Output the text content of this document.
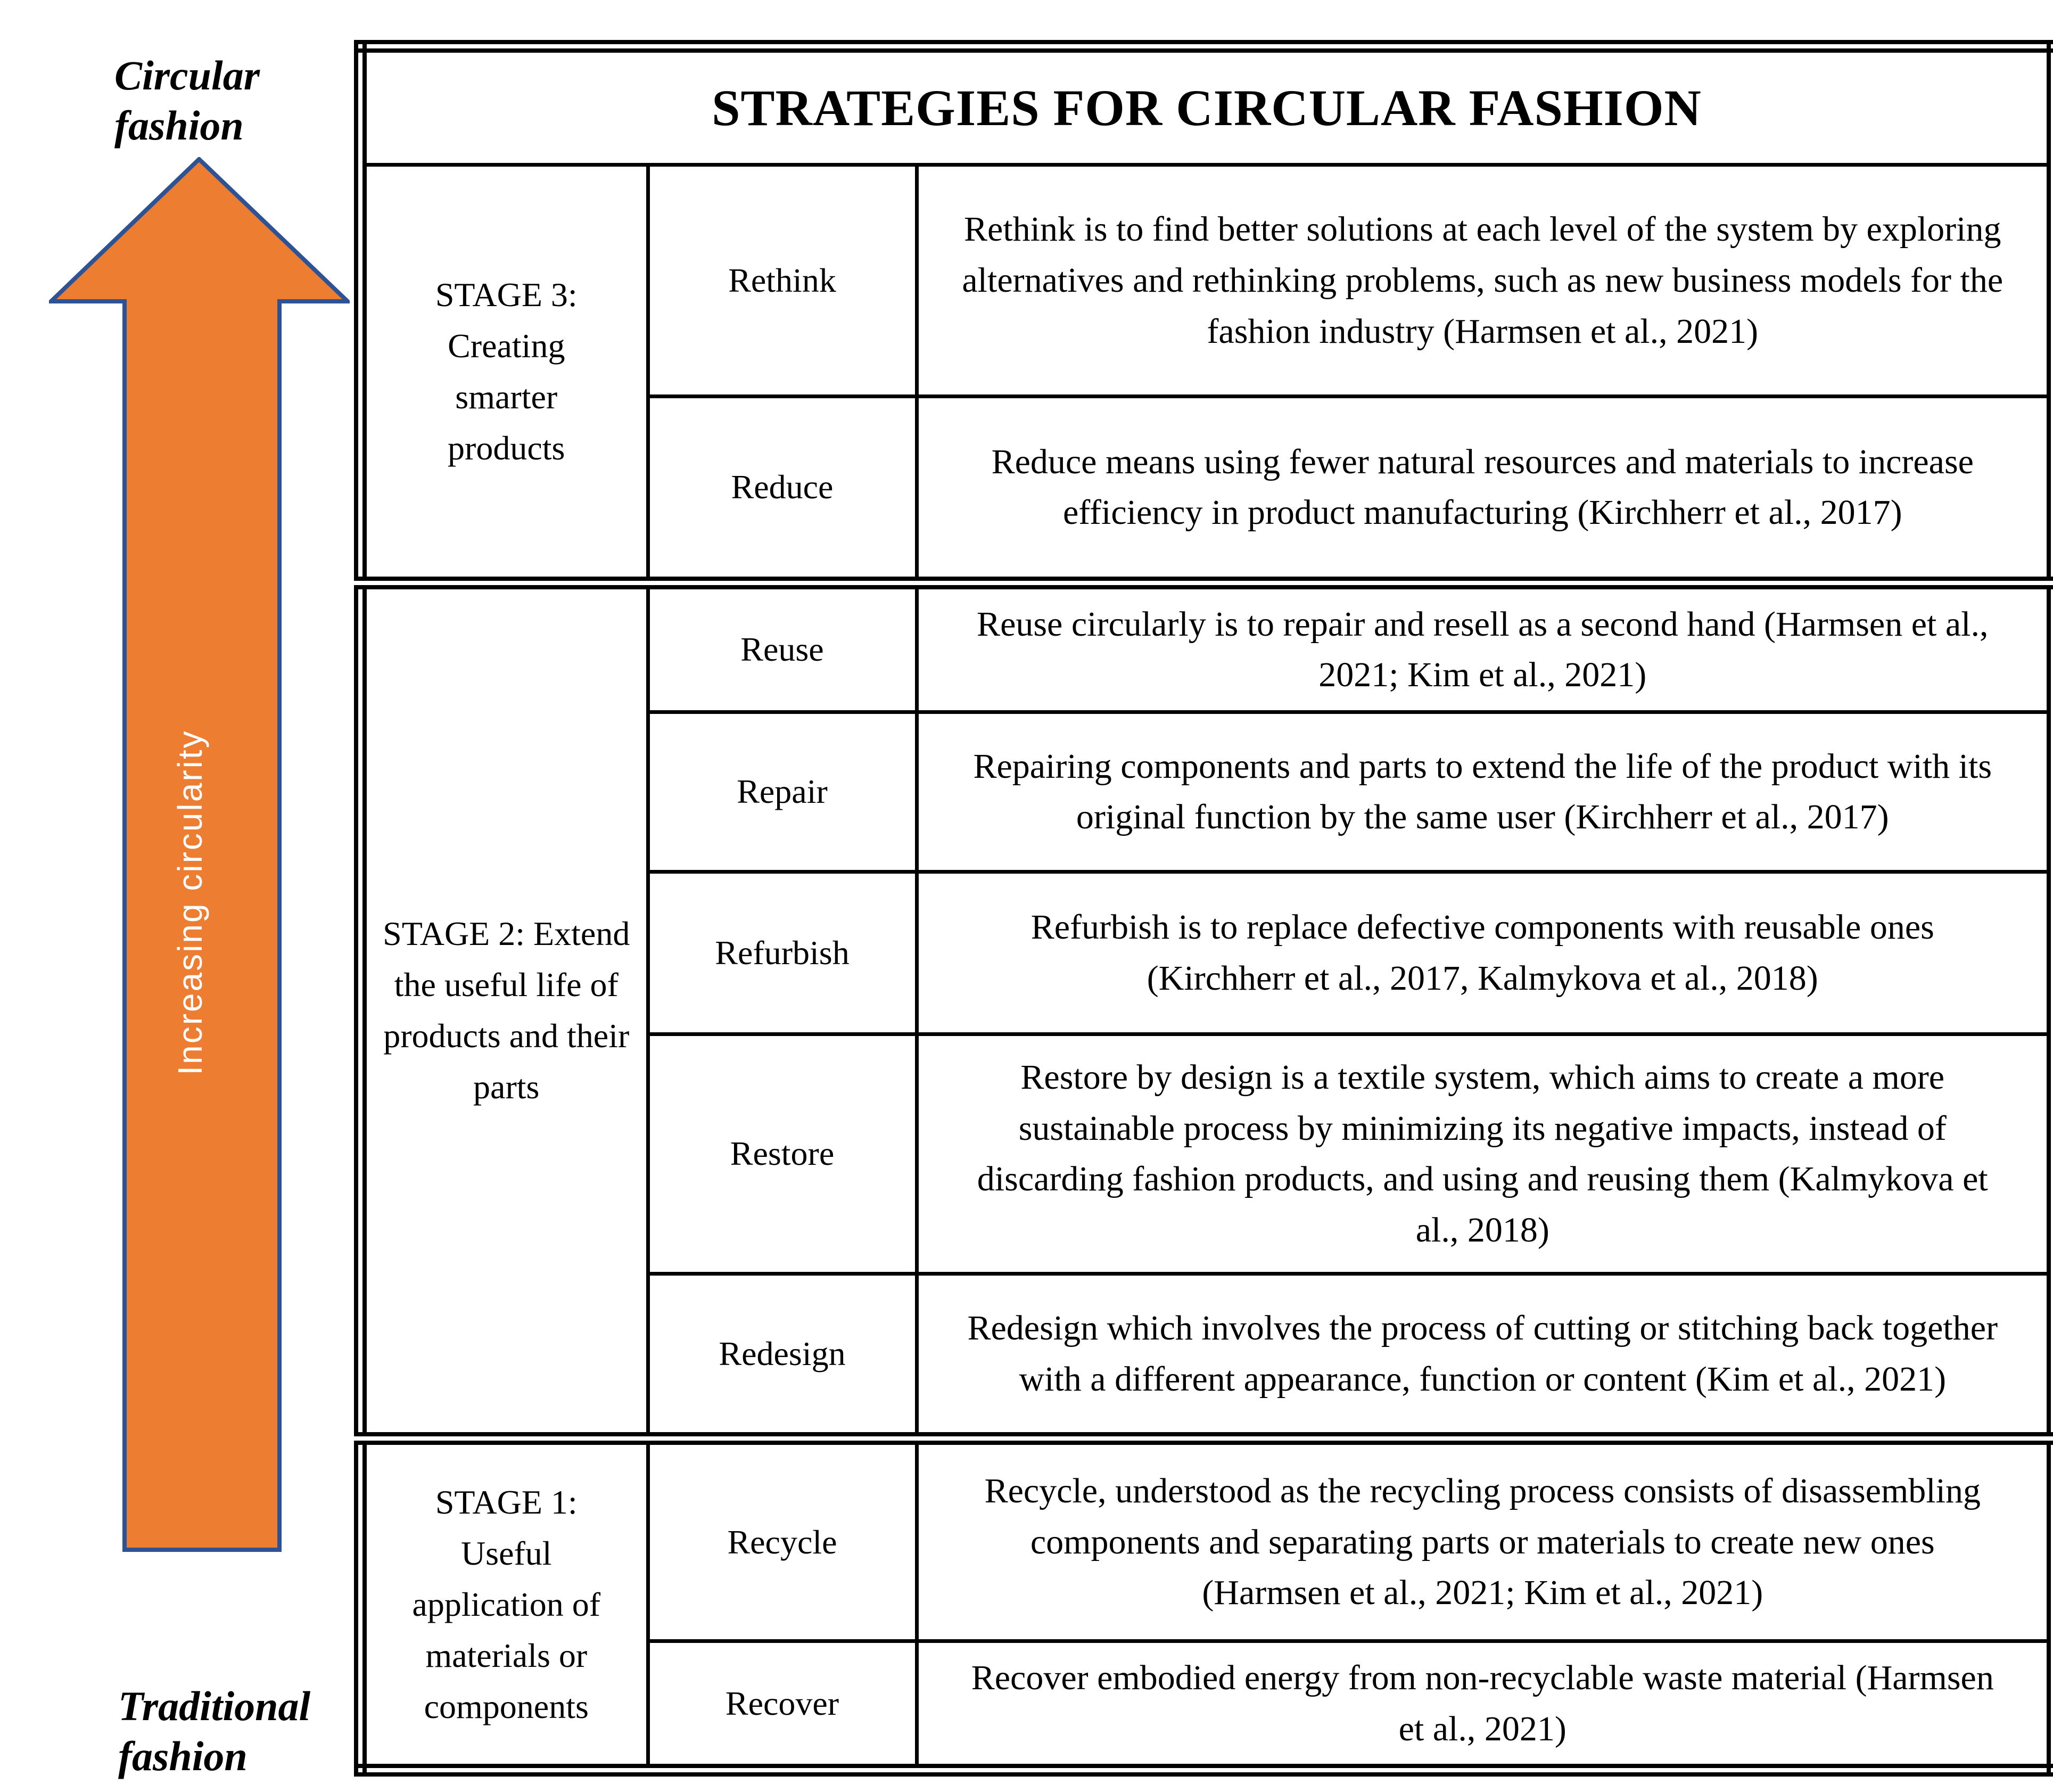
Circular fashion
Increasing circularity
Traditional fashion
STRATEGIES FOR CIRCULAR FASHION		
STAGE 3: Creating smarter products	Rethink	Rethink is to find better solutions at each level of the system by exploring alternatives and rethinking problems, such as new business models for the fashion industry (Harmsen et al., 2021)
	Reduce	Reduce means using fewer natural resources and materials to increase efficiency in product manufacturing (Kirchherr et al., 2017)
STAGE 2: Extend the useful life of products and their parts	Reuse	Reuse circularly is to repair and resell as a second hand (Harmsen et al., 2021; Kim et al., 2021)
	Repair	Repairing components and parts to extend the life of the product with its original function by the same user (Kirchherr et al., 2017)
	Refurbish	Refurbish is to replace defective components with reusable ones (Kirchherr et al., 2017, Kalmykova et al., 2018)
	Restore	Restore by design is a textile system, which aims to create a more sustainable process by minimizing its negative impacts, instead of discarding fashion products, and using and reusing them (Kalmykova et al., 2018)
	Redesign	Redesign which involves the process of cutting or stitching back together with a different appearance, function or content (Kim et al., 2021)
STAGE 1: Useful application of materials or components	Recycle	Recycle, understood as the recycling process consists of disassembling components and separating parts or materials to create new ones (Harmsen et al., 2021; Kim et al., 2021)
	Recover	Recover embodied energy from non-recyclable waste material (Harmsen et al., 2021)
